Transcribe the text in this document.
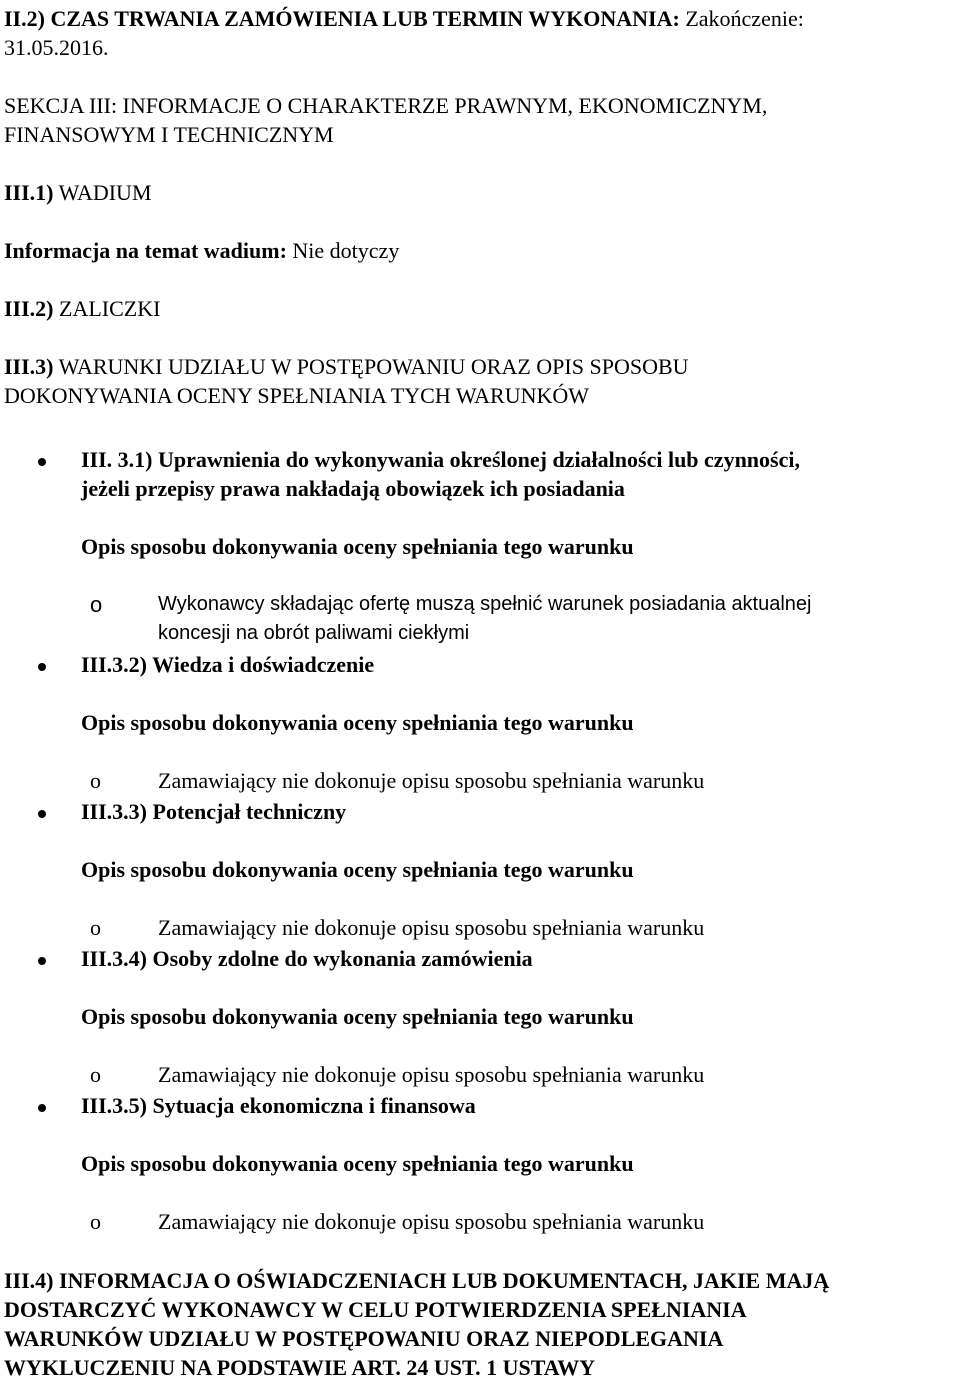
II.2) CZAS TRWANIA ZAMÓWIENIA LUB TERMIN WYKONANIA: Zakończenie:
31.05.2016.
SEKCJA III: INFORMACJE O CHARAKTERZE PRAWNYM, EKONOMICZNYM,
FINANSOWYM I TECHNICZNYM
III.1) WADIUM
Informacja na temat wadium: Nie dotyczy
III.2) ZALICZKI
III.3) WARUNKI UDZIAŁU W POSTĘPOWANIU ORAZ OPIS SPOSOBU
DOKONYWANIA OCENY SPEŁNIANIA TYCH WARUNKÓW
III. 3.1) Uprawnienia do wykonywania określonej działalności lub czynności,
jeżeli przepisy prawa nakładają obowiązek ich posiadania
Opis sposobu dokonywania oceny spełniania tego warunku
o	Wykonawcy składając ofertę muszą spełnić warunek posiadania aktualnej
koncesji na obrót paliwami ciekłymi
III.3.2) Wiedza i doświadczenie
Opis sposobu dokonywania oceny spełniania tego warunku
o	Zamawiający nie dokonuje opisu sposobu spełniania warunku
III.3.3) Potencjał techniczny
Opis sposobu dokonywania oceny spełniania tego warunku
o	Zamawiający nie dokonuje opisu sposobu spełniania warunku
III.3.4) Osoby zdolne do wykonania zamówienia
Opis sposobu dokonywania oceny spełniania tego warunku
o	Zamawiający nie dokonuje opisu sposobu spełniania warunku
III.3.5) Sytuacja ekonomiczna i finansowa
Opis sposobu dokonywania oceny spełniania tego warunku
o	Zamawiający nie dokonuje opisu sposobu spełniania warunku
III.4) INFORMACJA O OŚWIADCZENIACH LUB DOKUMENTACH, JAKIE MAJĄ
DOSTARCZYĆ WYKONAWCY W CELU POTWIERDZENIA SPEŁNIANIA
WARUNKÓW UDZIAŁU W POSTĘPOWANIU ORAZ NIEPODLEGANIA
WYKLUCZENIU NA PODSTAWIE ART. 24 UST. 1 USTAWY
